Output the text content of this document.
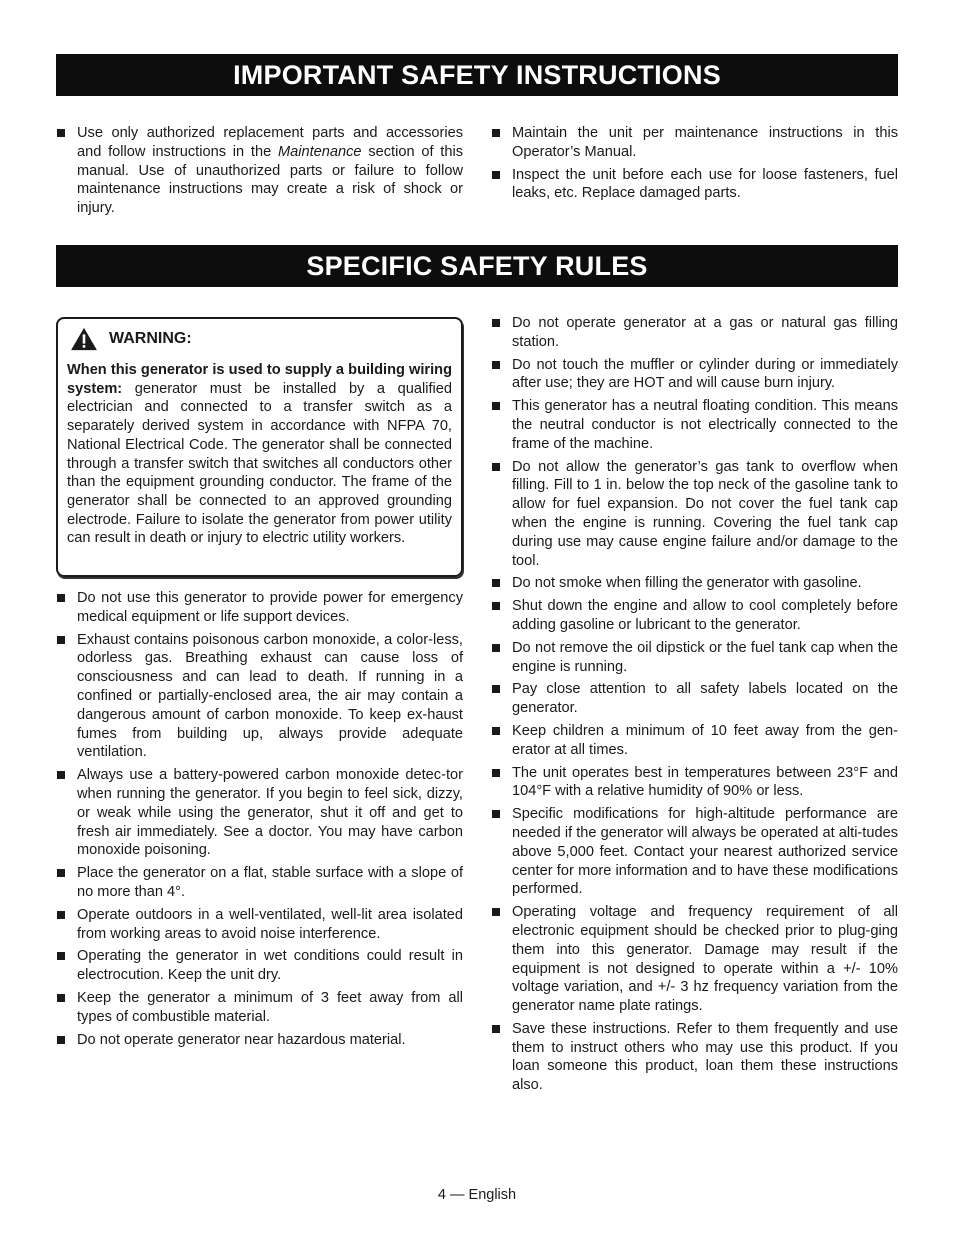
IMPORTANT SAFETY INSTRUCTIONS
Use only authorized replacement parts and accessories and follow instructions in the Maintenance section of this manual. Use of unauthorized parts or failure to follow maintenance instructions may create a risk of shock or injury.
Maintain the unit per maintenance instructions in this Operator’s Manual.
Inspect the unit before each use for loose fasteners, fuel leaks, etc. Replace damaged parts.
SPECIFIC SAFETY RULES
WARNING:

When this generator is used to supply a building wiring system: generator must be installed by a qualified electrician and connected to a transfer switch as a separately derived system in accordance with NFPA 70, National Electrical Code. The generator shall be connected through a transfer switch that switches all conductors other than the equipment grounding conductor. The frame of the generator shall be connected to an approved grounding electrode. Failure to isolate the generator from power utility can result in death or injury to electric utility workers.

Do not use this generator to provide power for emergency medical equipment or life support devices.
Exhaust contains poisonous carbon monoxide, a color-less, odorless gas. Breathing exhaust can cause loss of consciousness and can lead to death. If running in a confined or partially-enclosed area, the air may contain a dangerous amount of carbon monoxide. To keep ex-haust fumes from building up, always provide adequate ventilation.
Always use a battery-powered carbon monoxide detec-tor when running the generator. If you begin to feel sick, dizzy, or weak while using the generator, shut it off and get to fresh air immediately. See a doctor. You may have carbon monoxide poisoning.
Place the generator on a flat, stable surface with a slope of no more than 4°.
Operate outdoors in a well-ventilated, well-lit area isolated from working areas to avoid noise interference.
Operating the generator in wet conditions could result in electrocution. Keep the unit dry.
Keep the generator a minimum of 3 feet away from all types of combustible material.
Do not operate generator near hazardous material.
Do not operate generator at a gas or natural gas filling station.
Do not touch the muffler or cylinder during or immediately after use; they are HOT and will cause burn injury.
This generator has a neutral floating condition. This means the neutral conductor is not electrically connected to the frame of the machine.
Do not allow the generator’s gas tank to overflow when filling. Fill to 1 in. below the top neck of the gasoline tank to allow for fuel expansion. Do not cover the fuel tank cap when the engine is running. Covering the fuel tank cap during use may cause engine failure and/or damage to the tool.
Do not smoke when filling the generator with gasoline.
Shut down the engine and allow to cool completely before adding gasoline or lubricant to the generator.
Do not remove the oil dipstick or the fuel tank cap when the engine is running.
Pay close attention to all safety labels located on the generator.
Keep children a minimum of 10 feet away from the gen-erator at all times.
The unit operates best in temperatures between 23°F and 104°F with a relative humidity of 90% or less.
Specific modifications for high-altitude performance are needed if the generator will always be operated at alti-tudes above 5,000 feet. Contact your nearest authorized service center for more information and to have these modifications performed.
Operating voltage and frequency requirement of all electronic equipment should be checked prior to plug-ging them into this generator. Damage may result if the equipment is not designed to operate within a +/- 10% voltage variation, and +/- 3 hz frequency variation from the generator name plate ratings.
Save these instructions. Refer to them frequently and use them to instruct others who may use this product. If you loan someone this product, loan them these instructions also.
4 — English
